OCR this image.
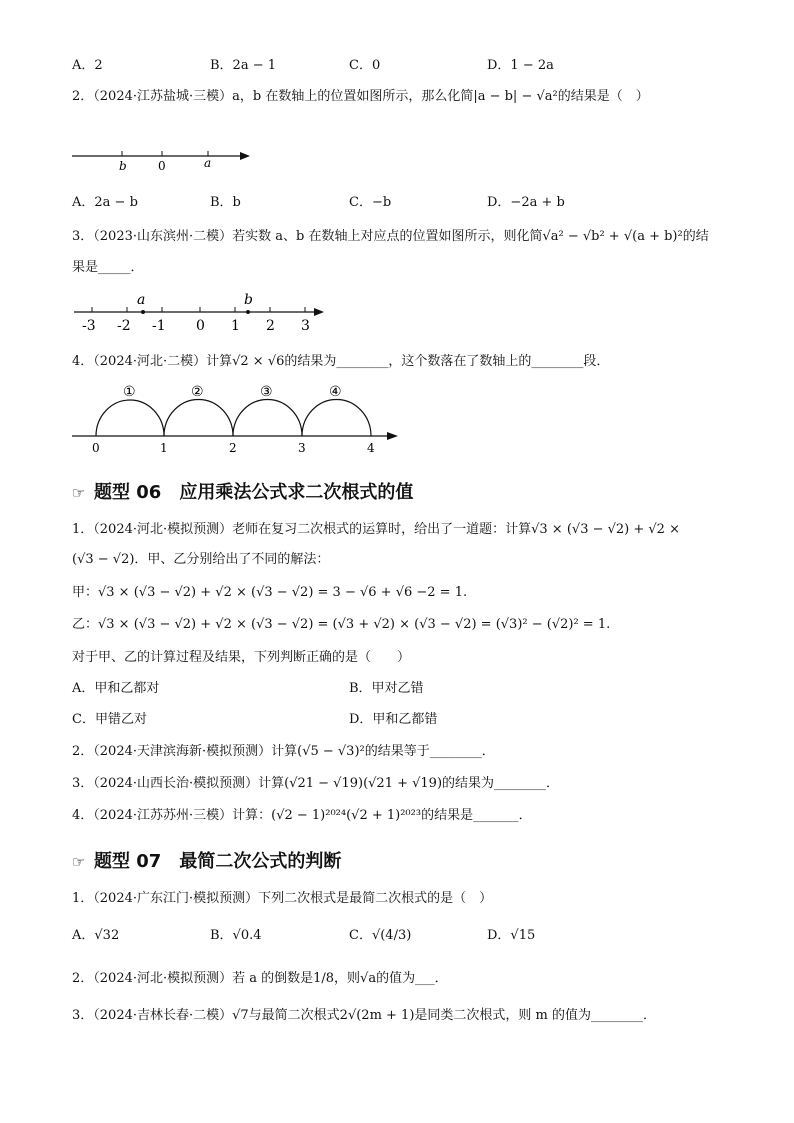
A．2	B．2a − 1	C．0	D．1 − 2a
2．（2024·江苏盐城·三模）a，b 在数轴上的位置如图所示，那么化简|a − b| − √a²的结果是（　）
b	0	a
A．2a − b	B．b	C．−b	D．−2a + b
3．（2023·山东滨州·二模）若实数 a、b 在数轴上对应点的位置如图所示，则化简√a² − √b² + √(a + b)²的结
果是_____．
a	b
-3 -2 -1 0 1 2 3
4．（2024·河北·二模）计算√2 × √6的结果为________，这个数落在了数轴上的________段．
①	②	③	④
0	1	2	3	4
☞ 题型 06 应用乘法公式求二次根式的值
1．（2024·河北·模拟预测）老师在复习二次根式的运算时，给出了一道题：计算√3 × (√3 − √2) + √2 ×
(√3 − √2)．甲、乙分别给出了不同的解法：
甲：√3 × (√3 − √2) + √2 × (√3 − √2) = 3 − √6 + √6 −2 = 1.
乙：√3 × (√3 − √2) + √2 × (√3 − √2) = (√3 + √2) × (√3 − √2) = (√3)² − (√2)² = 1.
对于甲、乙的计算过程及结果，下列判断正确的是（　　）
A．甲和乙都对	B．甲对乙错
C．甲错乙对	D．甲和乙都错
2．（2024·天津滨海新·模拟预测）计算(√5 − √3)²的结果等于________．
3．（2024·山西长治·模拟预测）计算(√21 − √19)(√21 + √19)的结果为________．
4．（2024·江苏苏州·三模）计算：(√2 − 1)²⁰²⁴(√2 + 1)²⁰²³的结果是_______．
☞ 题型 07 最简二次公式的判断
1．（2024·广东江门·模拟预测）下列二次根式是最简二次根式的是（　）
A．√32	B．√0.4	C．√(4/3)	D．√15
2．（2024·河北·模拟预测）若 a 的倒数是1/8，则√a的值为___．
3．（2024·吉林长春·二模）√7与最简二次根式2√(2m + 1)是同类二次根式，则 m 的值为________．
